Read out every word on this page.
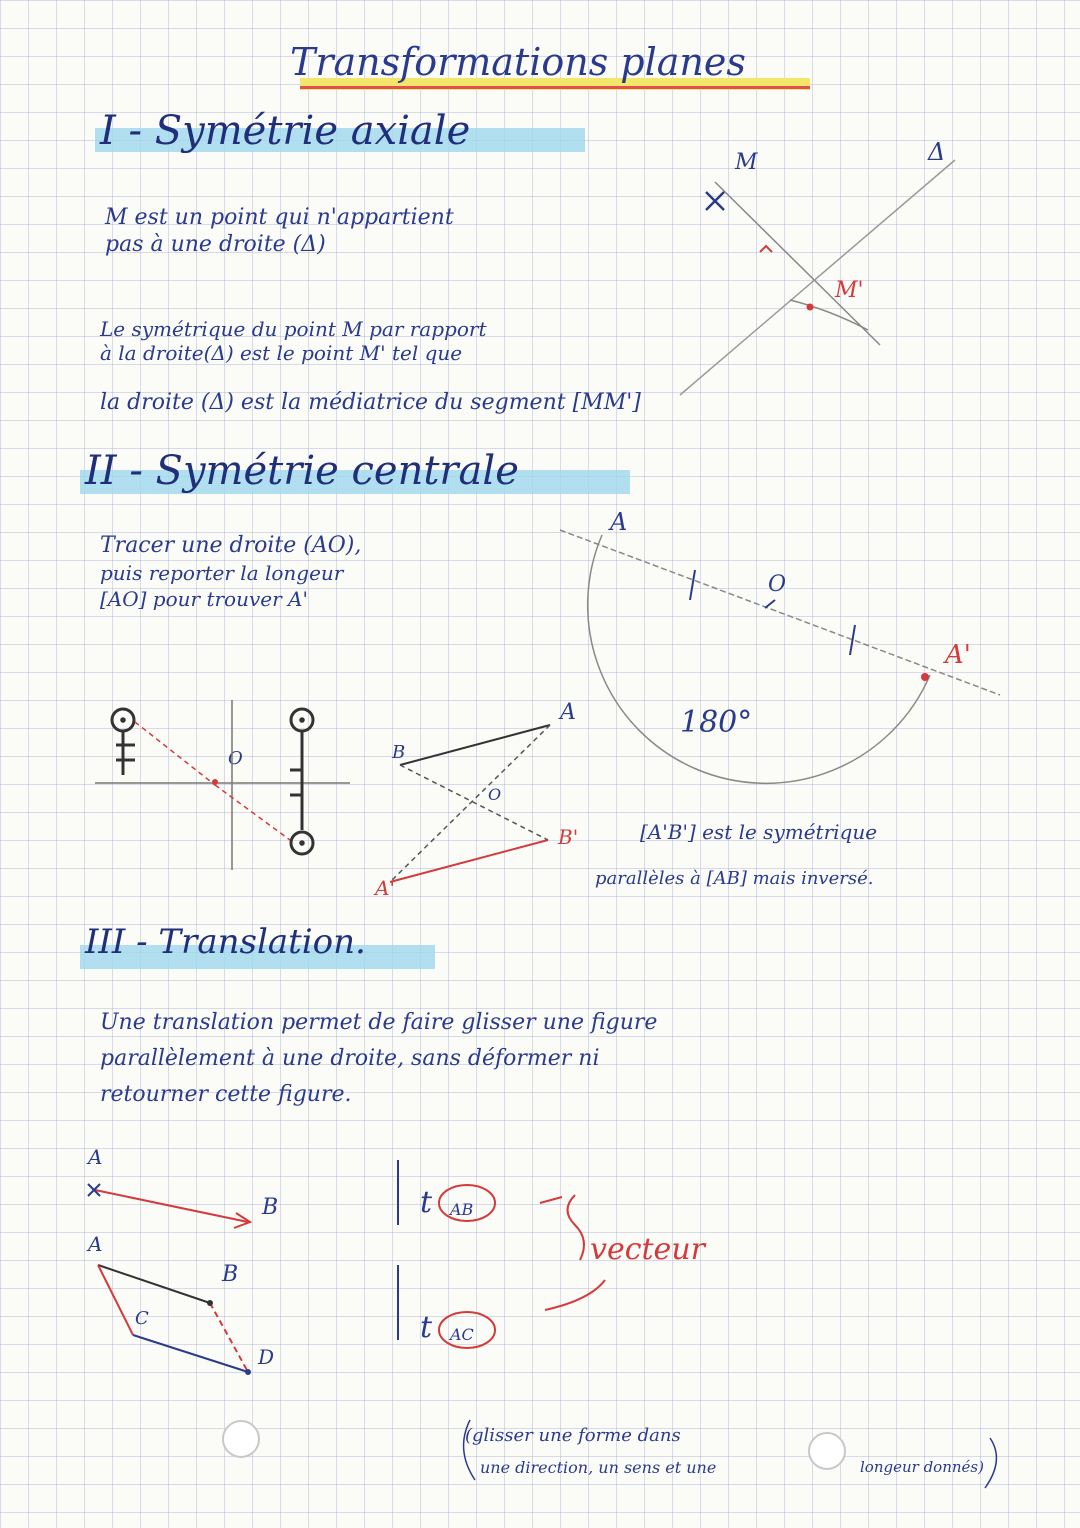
Transformations planes
I - Symétrie axiale
M est un point qui n'appartient
pas à une droite (Δ)
Le symétrique du point M par rapport
à la droite(Δ) est le point M' tel que
la droite (Δ) est la médiatrice du segment [MM']
M
M'
Δ
II - Symétrie centrale
Tracer une droite (AO),
puis reporter la longeur
[AO] pour trouver A'
A
O
A'
180°
O
A
B
O
A'
B'	[A'B'] est le symétrique
parallèles à [AB] mais inversé.
III - Translation.
Une translation permet de faire glisser une figure
parallèlement à une droite, sans déformer ni
retourner cette figure.
A
B
A
B
C
D
t AB
t AC
vecteur
(glisser une forme dans
une direction, un sens et une	longeur donnés)
